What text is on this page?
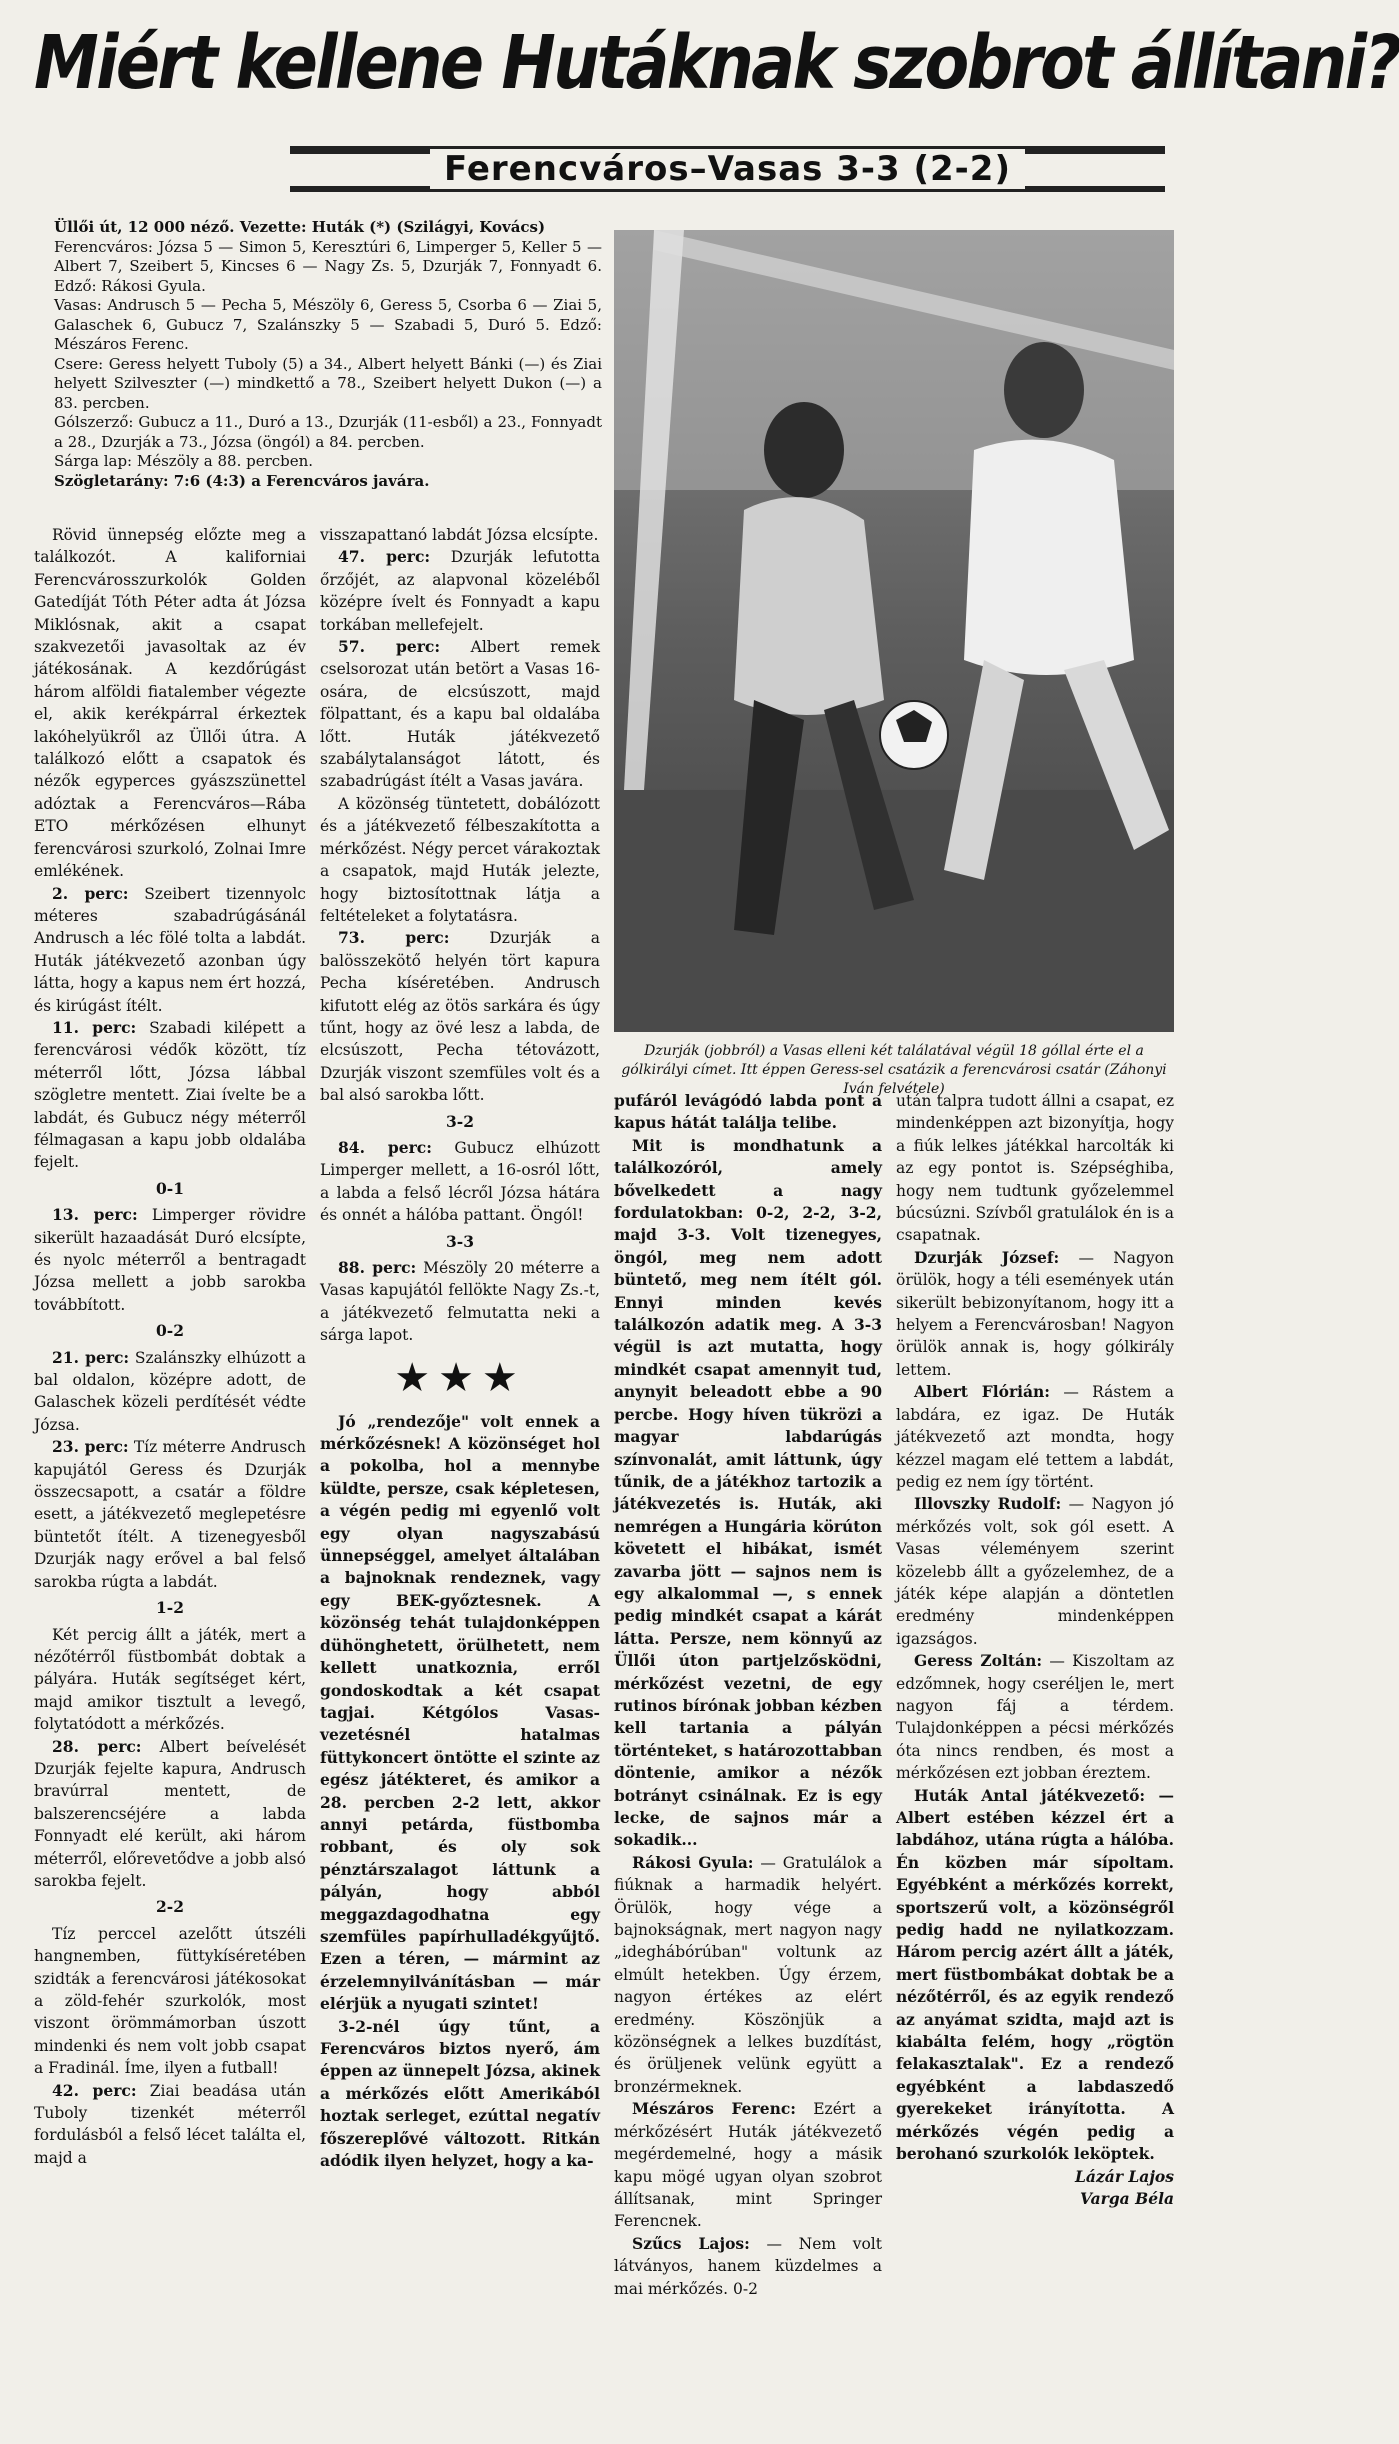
Miért kellene Hutáknak szobrot állítani?
Ferencváros–Vasas 3-3 (2-2)

Üllői út, 12 000 néző. Vezette: Huták (*) (Szilágyi, Kovács)

Ferencváros: Józsa 5 — Simon 5, Keresztúri 6, Limperger 5, Keller 5 — Albert 7, Szeibert 5, Kincses 6 — Nagy Zs. 5, Dzurják 7, Fonnyadt 6. Edző: Rákosi Gyula.

Vasas: Andrusch 5 — Pecha 5, Mészöly 6, Geress 5, Csorba 6 — Ziai 5, Galaschek 6, Gubucz 7, Szalánszky 5 — Szabadi 5, Duró 5. Edző: Mészáros Ferenc.

Csere: Geress helyett Tuboly (5) a 34., Albert helyett Bánki (—) és Ziai helyett Szilveszter (—) mindkettő a 78., Szeibert helyett Dukon (—) a 83. percben.

Gólszerző: Gubucz a 11., Duró a 13., Dzurják (11-esből) a 23., Fonnyadt a 28., Dzurják a 73., Józsa (öngól) a 84. percben.

Sárga lap: Mészöly a 88. percben.

Szögletarány: 7:6 (4:3) a Ferencváros javára.

Dzurják (jobbról) a Vasas elleni két találatával végül 18 góllal érte el a gólkirályi címet. Itt éppen Geress-sel csatázik a ferencvárosi csatár (Záhonyi Iván felvétele)

Rövid ünnepség előzte meg a találkozót. A kaliforniai Ferencvárosszurkolók Golden Gatedíját Tóth Péter adta át Józsa Miklósnak, akit a csapat szakvezetői javasoltak az év játékosának. A kezdőrúgást három alföldi fiatalember végezte el, akik kerékpárral érkeztek lakóhelyükről az Üllői útra. A találkozó előtt a csapatok és nézők egyperces gyászszünettel adóztak a Ferencváros—Rába ETO mérkőzésen elhunyt ferencvárosi szurkoló, Zolnai Imre emlékének.

2. perc: Szeibert tizennyolc méteres szabadrúgásánál Andrusch a léc fölé tolta a labdát. Huták játékvezető azonban úgy látta, hogy a kapus nem ért hozzá, és kirúgást ítélt.

11. perc: Szabadi kilépett a ferencvárosi védők között, tíz méterről lőtt, Józsa lábbal szögletre mentett. Ziai ívelte be a labdát, és Gubucz négy méterről félmagasan a kapu jobb oldalába fejelt.

0-1

13. perc: Limperger rövidre sikerült hazaadását Duró elcsípte, és nyolc méterről a bentragadt Józsa mellett a jobb sarokba továbbított.

0-2

21. perc: Szalánszky elhúzott a bal oldalon, középre adott, de Galaschek közeli perdítését védte Józsa.

23. perc: Tíz méterre Andrusch kapujától Geress és Dzurják összecsapott, a csatár a földre esett, a játékvezető meglepetésre büntetőt ítélt. A tizenegyesből Dzurják nagy erővel a bal felső sarokba rúgta a labdát.

1-2

Két percig állt a játék, mert a nézőtérről füstbombát dobtak a pályára. Huták segítséget kért, majd amikor tisztult a levegő, folytatódott a mérkőzés.

28. perc: Albert beívelését Dzurják fejelte kapura, Andrusch bravúrral mentett, de balszerencséjére a labda Fonnyadt elé került, aki három méterről, előrevetődve a jobb alsó sarokba fejelt.

2-2

Tíz perccel azelőtt útszéli hangnemben, füttykíséretében szidták a ferencvárosi játékosokat a zöld-fehér szurkolók, most viszont örömmámorban úszott mindenki és nem volt jobb csapat a Fradinál. Íme, ilyen a futball!

42. perc: Ziai beadása után Tuboly tizenkét méterről fordulásból a felső lécet találta el, majd a

visszapattanó labdát Józsa elcsípte.

47. perc: Dzurják lefutotta őrzőjét, az alapvonal közeléből középre ívelt és Fonnyadt a kapu torkában mellefejelt.

57. perc: Albert remek cselsorozat után betört a Vasas 16-osára, de elcsúszott, majd fölpattant, és a kapu bal oldalába lőtt. Huták játékvezető szabálytalanságot látott, és szabadrúgást ítélt a Vasas javára.

A közönség tüntetett, dobálózott és a játékvezető félbeszakította a mérkőzést. Négy percet várakoztak a csapatok, majd Huták jelezte, hogy biztosítottnak látja a feltételeket a folytatásra.

73. perc: Dzurják a balösszekötő helyén tört kapura Pecha kíséretében. Andrusch kifutott elég az ötös sarkára és úgy tűnt, hogy az övé lesz a labda, de elcsúszott, Pecha tétovázott, Dzurják viszont szemfüles volt és a bal alsó sarokba lőtt.

3-2

84. perc: Gubucz elhúzott Limperger mellett, a 16-osról lőtt, a labda a felső lécről Józsa hátára és onnét a hálóba pattant. Öngól!

3-3

88. perc: Mészöly 20 méterre a Vasas kapujától fellökte Nagy Zs.-t, a játékvezető felmutatta neki a sárga lapot.

★★★

Jó „rendezője" volt ennek a mérkőzésnek! A közönséget hol a pokolba, hol a mennybe küldte, persze, csak képletesen, a végén pedig mi egyenlő volt egy olyan nagyszabású ünnepséggel, amelyet általában a bajnoknak rendeznek, vagy egy BEK-győztesnek. A közönség tehát tulajdonképpen dühönghetett, örülhetett, nem kellett unatkoznia, erről gondoskodtak a két csapat tagjai. Kétgólos Vasas-vezetésnél hatalmas füttykoncert öntötte el szinte az egész játékteret, és amikor a 28. percben 2-2 lett, akkor annyi petárda, füstbomba robbant, és oly sok pénztárszalagot láttunk a pályán, hogy abból meggazdagodhatna egy szemfüles papírhulladékgyűjtő. Ezen a téren, — mármint az érzelemnyilvánításban — már elérjük a nyugati szintet!

3-2-nél úgy tűnt, a Ferencváros biztos nyerő, ám éppen az ünnepelt Józsa, akinek a mérkőzés előtt Amerikából hoztak serleget, ezúttal negatív főszereplővé változott. Ritkán adódik ilyen helyzet, hogy a ka-

pufáról levágódó labda pont a kapus hátát találja telibe.

Mit is mondhatunk a találkozóról, amely bővelkedett a nagy fordulatokban: 0-2, 2-2, 3-2, majd 3-3. Volt tizenegyes, öngól, meg nem adott büntető, meg nem ítélt gól. Ennyi minden kevés találkozón adatik meg. A 3-3 végül is azt mutatta, hogy mindkét csapat amennyit tud, anynyit beleadott ebbe a 90 percbe. Hogy híven tükrözi a magyar labdarúgás színvonalát, amit láttunk, úgy tűnik, de a játékhoz tartozik a játékvezetés is. Huták, aki nemrégen a Hungária körúton követett el hibákat, ismét zavarba jött — sajnos nem is egy alkalommal —, s ennek pedig mindkét csapat a kárát látta. Persze, nem könnyű az Üllői úton partjelzősködni, mérkőzést vezetni, de egy rutinos bírónak jobban kézben kell tartania a pályán történteket, s határozottabban döntenie, amikor a nézők botrányt csinálnak. Ez is egy lecke, de sajnos már a sokadik...

Rákosi Gyula: — Gratulálok a fiúknak a harmadik helyért. Örülök, hogy vége a bajnokságnak, mert nagyon nagy „ideghábórúban" voltunk az elmúlt hetekben. Úgy érzem, nagyon értékes az elért eredmény. Köszönjük a közönségnek a lelkes buzdítást, és örüljenek velünk együtt a bronzérmeknek.

Mészáros Ferenc: Ezért a mérkőzésért Huták játékvezető megérdemelné, hogy a másik kapu mögé ugyan olyan szobrot állítsanak, mint Springer Ferencnek.

Szűcs Lajos: — Nem volt látványos, hanem küzdelmes a mai mérkőzés. 0-2

után talpra tudott állni a csapat, ez mindenképpen azt bizonyítja, hogy a fiúk lelkes játékkal harcolták ki az egy pontot is. Szépséghiba, hogy nem tudtunk győzelemmel búcsúzni. Szívből gratulálok én is a csapatnak.

Dzurják József: — Nagyon örülök, hogy a téli események után sikerült bebizonyítanom, hogy itt a helyem a Ferencvárosban! Nagyon örülök annak is, hogy gólkirály lettem.

Albert Flórián: — Rástem a labdára, ez igaz. De Huták játékvezető azt mondta, hogy kézzel magam elé tettem a labdát, pedig ez nem így történt.

Illovszky Rudolf: — Nagyon jó mérkőzés volt, sok gól esett. A Vasas véleményem szerint közelebb állt a győzelemhez, de a játék képe alapján a döntetlen eredmény mindenképpen igazságos.

Geress Zoltán: — Kiszoltam az edzőmnek, hogy cseréljen le, mert nagyon fáj a térdem. Tulajdonképpen a pécsi mérkőzés óta nincs rendben, és most a mérkőzésen ezt jobban éreztem.

Huták Antal játékvezető: — Albert estében kézzel ért a labdához, utána rúgta a hálóba. Én közben már sípoltam. Egyébként a mérkőzés korrekt, sportszerű volt, a közönségről pedig hadd ne nyilatkozzam. Három percig azért állt a játék, mert füstbombákat dobtak be a nézőtérről, és az egyik rendező az anyámat szidta, majd azt is kiabálta felém, hogy „rögtön felakasztalak". Ez a rendező egyébként a labdaszedő gyerekeket irányította. A mérkőzés végén pedig a berohanó szurkolók leköptek.

Lázár Lajos

Varga Béla
